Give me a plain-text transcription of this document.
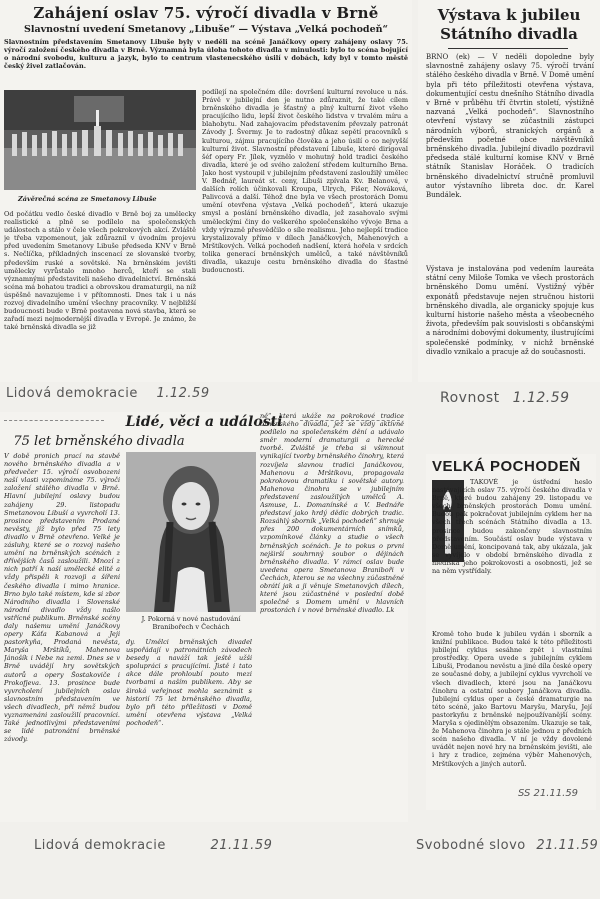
Zahájení oslav 75. výročí divadla v Brně
Slavnostní uvedení Smetanovy „Libuše“ — Výstava „Velká pochodeň“
Slavnostním představením Smetanovy Libuše byly v neděli na scéně Janáčkovy opery zahájeny oslavy 75. výročí založení českého divadla v Brně. Významná byla úloha tohoto divadla v minulosti: bylo to scéna bojující o národní svobodu, kulturu a jazyk, bylo to centrum vlastenecského úsilí v dobách, kdy byl v tomto městě český živel zatlačován.
Závěrečná scéna ze Smetanovy Libuše
Od počátku vedlo české divadlo v Brně boj za umělecky realistické a plně se podílelo na společenských událostech a stálo v čele všech pokrokových akcí. Zvláště je třeba vzpomenout, jak zdůraznil v úvodním projevu před uvedením Smetanovy Libuše předseda KNV v Brně s. Nečlíčka, příkladných inscenací ze slovanské tvorby, především ruské a sovětské. Na brněnském jevišti umělecky vyrůstalo mnoho herců, kteří se stali významnými představiteli našeho divadelnictví. Brněnská scéna má bohatou tradici a obrovskou dramaturgii, na níž úspěšně navazujeme i v přítomnosti. Dnes tak i u nás rozvoj divadelního umění všechny pracovníky. V nejbližší budoucnosti bude v Brně postavena nová stavba, která se zařadí mezi nejmodernější divadla v Evropě. Je známo, že také brněnská divadla se již
podílejí na společném díle: dovršení kulturní revoluce u nás. Právě v jubilejní den je nutno zdůraznit, že také cílem brněnského divadla je šťastný a plný kulturní život všeho pracujícího lidu, lepší život českého lidstva v trvalém míru a blahobytu. Nad zahajovacím představením převzaly patronát Závody J. Švermy. Je to radostný důkaz sepětí pracovníků s kulturou, zájmu pracujícího člověka a jeho úsilí o co nejvyšší kulturní život. Slavnostní představení Libuše, které dirigoval šéf opery Fr. Jílek, vyznělo v mohutný hold tradici českého divadla, které je od svého založení středem kulturního Brna. Jako host vystoupil v jubilejním představení zasloužilý umělec V. Bednář, laureát st. ceny, Libuši zpívala Kv. Belanová, v dalších rolích účinkovali Kroupa, Ulrych, Fišer, Nováková, Palivcová a další. Téhož dne byla ve všech prostorách Domu umění otevřena výstava „Velká pochodeň“, která ukazuje smysl a poslání brněnského divadla, jež zasahovalo svými uměleckými činy do veškerého společenského vývoje Brna a vždy výrazně přesvědčilo o síle realismu. Jeho nejlepší tradice krystalizovaly přímo v dílech Janáčkových, Mahenových a Mrštíkových. Velká pochodeň nadšení, která hořela v srdcích tolika generací brněnských umělců, a také návštěvníků divadla, ukazuje cestu brněnského divadla do šťastné budoucnosti.
Lidová demokracie 1.12.59
Výstava k jubileu Státního divadla
BRNO (ek) — V neděli dopoledne byly slavnostně zahájeny oslavy 75. výročí trvání stálého českého divadla v Brně. V Domě umění byla při této příležitosti otevřena výstava, dokumentující cestu dnešního Státního divadla v Brně v průběhu tří čtvrtin století, výstižně nazvaná „Velká pochodeň“. Slavnostního otevření výstavy se zúčastnili zástupci národních výborů, stranických orgánů a především početné obce návštěvníků brněnského divadla. Jubilejní divadlo pozdravil předseda stálé kulturní komise KNV v Brně státník Stanislav Horáček. O tradicích brněnského divadelnictví stručně promluvil autor výstavního libreta doc. dr. Karel Bundálek.
Výstava je instalována pod vedením laureáta státní ceny Miloše Tomka ve všech prostorách brněnského Domu umění. Vystižný výběr exponátů představuje nejen stručnou historii brněnského divadla, ale organicky spojuje kus kulturní historie našeho města a všeobecného života, především pak souvislosti s občanskými a národními dobovými dokumenty, ilustrujícími společenské podmínky, v nichž brněnské divadlo vznikalo a pracuje až do současnosti.
Rovnost 1.12.59
Lidé, věci a události
75 let brněnského divadla
V době pronich prací na stavbě nového brněnského divadla a v předvečer 15. výročí osvobození naší vlasti vzpomínáme 75. výročí založení stálého divadla v Brně. Hlavní jubilejní oslavy budou zahájeny 29. listopadu Smetanovou Libuší a vyvrcholí 13. prosince představením Prodané nevěsty, jíž bylo před 75 lety divadlo v Brně otevřeno. Velké je zásluhy, které se o rozvoj našeho umění na brněnských scénách z dřívějších časů zasloužili. Mnozí z nich patří k naší umělecké elitě a vždy přispěli k rozvoji a šíření českého divadla i mimo hranice. Brno bylo také místem, kde si zbor Národního divadla i Slovenské národní divadlo vždy našlo vstřícné publikum. Brněnské scény daly našemu umění Janáčkovy opery Káťa Kabanová a Její pastorkyňa, Prodaná nevěsta, Maryša Mrštíků, Mahenova Jánošík i Nebe na zemi. Dnes se v Brně uvádějí hry sovětských autorů a opery Šostakoviče i Prokofjeva. 13. prosince bude vyvrcholení jubilejních oslav slavnostním představením ve všech divadlech, při němž budou vyznamenáni zasloužilí pracovníci. Také jednotlivými představeními se lidé patronátní brněnské závody.
J. Pokorná v nové nastudování Branibořech v Čechách
dy. Umělci brněnských divadel uspořádají v patronátních závodech besedy a naváží tak ještě užší spolupráci s pracujícími. Jistě i tato akce dále prohloubí pouto mezi tvorbami a naším publikem. Aby se široká veřejnost mohla seznámit s historií 75 let brněnského divadla, bylo při této příležitosti v Domě umění otevřena výstava „Velká pochodeň“.
ně“, která ukáže na pokrokové tradice brněnského divadla, jež se vždy aktivně podílelo na společenském dění a udávalo směr moderní dramaturgii a herecké tvorbě. Zvláště je třeba si všimnout vynikající tvorby brněnského činohry, která rozvíjela slavnou tradici Janáčkovou, Mahenovu a Mrštíkovu, propagovala pokrokovou dramatiku i sovětské autory. Mahenova činohra se v jubilejním představení zasloužilých umělců A. Asmuse, L. Domanínské a V. Bednáře představí jako hrdý dědic dobrých tradic. Rozsáhlý sborník „Velká pochodeň“ shrnuje přes 200 dokumentárních snímků, vzpomínkové články a studie o všech brněnských scénách. Je to pokus o první nejširší souhrnný soubor o dějinách brněnského divadla. V rámci oslav bude uvedena opera Smetanova Braniboři v Čechách, kterou se na všechny zúčastněné obrátí jak a ji věnuje Smetanových dílech, které jsou zúčastněné v poslední době společně s Domem umění v hlavních prostorách i v nové brněnské divadlo. Lk
Lidová demokracie	21.11.59
VELKÁ POCHODEŇ
TAKOVÉ je ústřední heslo nastávajících oslav 75. výročí českého divadla v Brně, které budou zahájeny 29. listopadu ve všech brněnských prostorách Domu umění. Budou pak pokračovat jubilejním cyklem her na všech třech scénách Státního divadla a 13. prosince budou zakončeny slavnostním představením. Součástí oslav bude výstava v Domě umění, koncipovaná tak, aby ukázala, jak se vyvíjelo v období brněnského divadla z hlediska jeho pokrokovosti a osobnosti, jež se na něm vystřídaly.
Kromě toho bude k jubileu vydán i sborník a knižní publikace. Budou také k této příležitosti jubilejní cyklus sesáhne zpět i vlastními prostředky. Opera uvede s jubilejním cyklem Libuši, Prodanou nevěstu a jiné díla české opery ze současné doby, a jubilejní cyklus vyvrcholí ve všech divadlech, které jsou na Janáčkovu činohru a ostatní soubory Janáčkova divadla. Jubilejní cyklus oper a české dramaturgie na této scéně, jako Bartovu Maryšu, Maryšu, Její pastorkyňu z brněnské nejpoužívanější scény. Maryša s ojedinělým obsazením. Ukazuje se tak, že Mahenova činohra je stále jednou z předních scén našeho divadla. V ní je vždy dovolené uvádět nejen nové hry na brněnském jevišti, ale i hry z tradice, zejména výběr Mahenových, Mrštíkových a jiných autorů.
SS 21.11.59
Svobodné slovo 21.11.59
